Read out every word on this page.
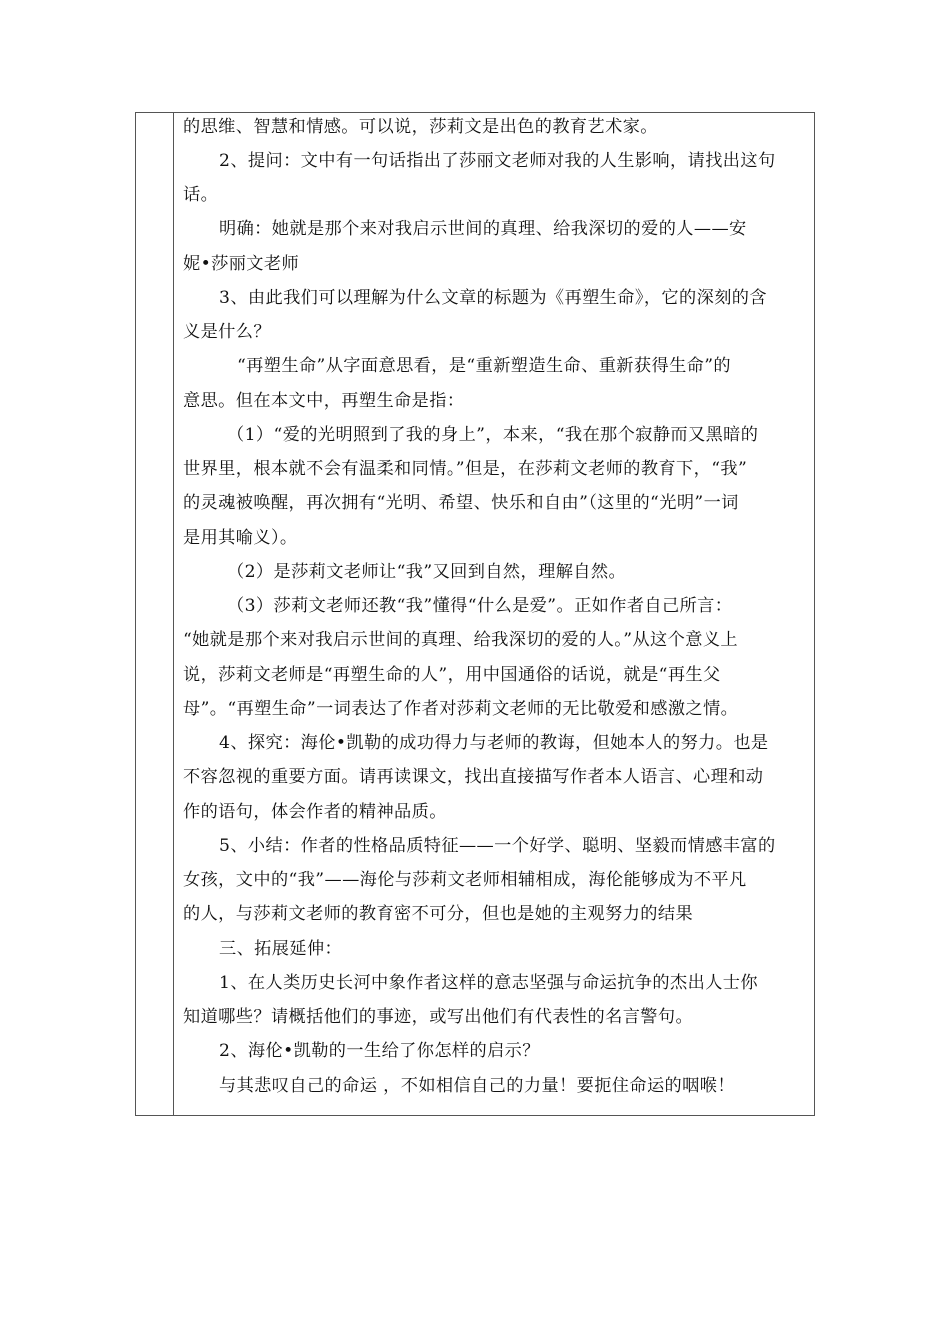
的思维、智慧和情感。可以说，莎莉文是出色的教育艺术家。
2、提问：文中有一句话指出了莎丽文老师对我的人生影响，请找出这句
话。
明确：她就是那个来对我启示世间的真理、给我深切的爱的人——安
妮•莎丽文老师
3、由此我们可以理解为什么文章的标题为《再塑生命》，它的深刻的含
义是什么？
“再塑生命”从字面意思看，是“重新塑造生命、重新获得生命”的
意思。但在本文中，再塑生命是指：
（1）“爱的光明照到了我的身上”，本来，“我在那个寂静而又黑暗的
世界里，根本就不会有温柔和同情。”但是，在莎莉文老师的教育下，“我”
的灵魂被唤醒，再次拥有“光明、希望、快乐和自由”（这里的“光明”一词
是用其喻义）。
（2）是莎莉文老师让“我”又回到自然，理解自然。
（3）莎莉文老师还教“我”懂得“什么是爱”。正如作者自己所言：
“她就是那个来对我启示世间的真理、给我深切的爱的人。”从这个意义上
说，莎莉文老师是“再塑生命的人”，用中国通俗的话说，就是“再生父
母”。“再塑生命”一词表达了作者对莎莉文老师的无比敬爱和感激之情。
4、探究：海伦•凯勒的成功得力与老师的教诲，但她本人的努力。也是
不容忽视的重要方面。请再读课文，找出直接描写作者本人语言、心理和动
作的语句，体会作者的精神品质。
5、小结：作者的性格品质特征——一个好学、聪明、坚毅而情感丰富的
女孩，文中的“我”——海伦与莎莉文老师相辅相成，海伦能够成为不平凡
的人，与莎莉文老师的教育密不可分，但也是她的主观努力的结果
三、拓展延伸：
1、在人类历史长河中象作者这样的意志坚强与命运抗争的杰出人士你
知道哪些？请概括他们的事迹，或写出他们有代表性的名言警句。
2、海伦•凯勒的一生给了你怎样的启示？
与其悲叹自己的命运 ，不如相信自己的力量！要扼住命运的咽喉！
